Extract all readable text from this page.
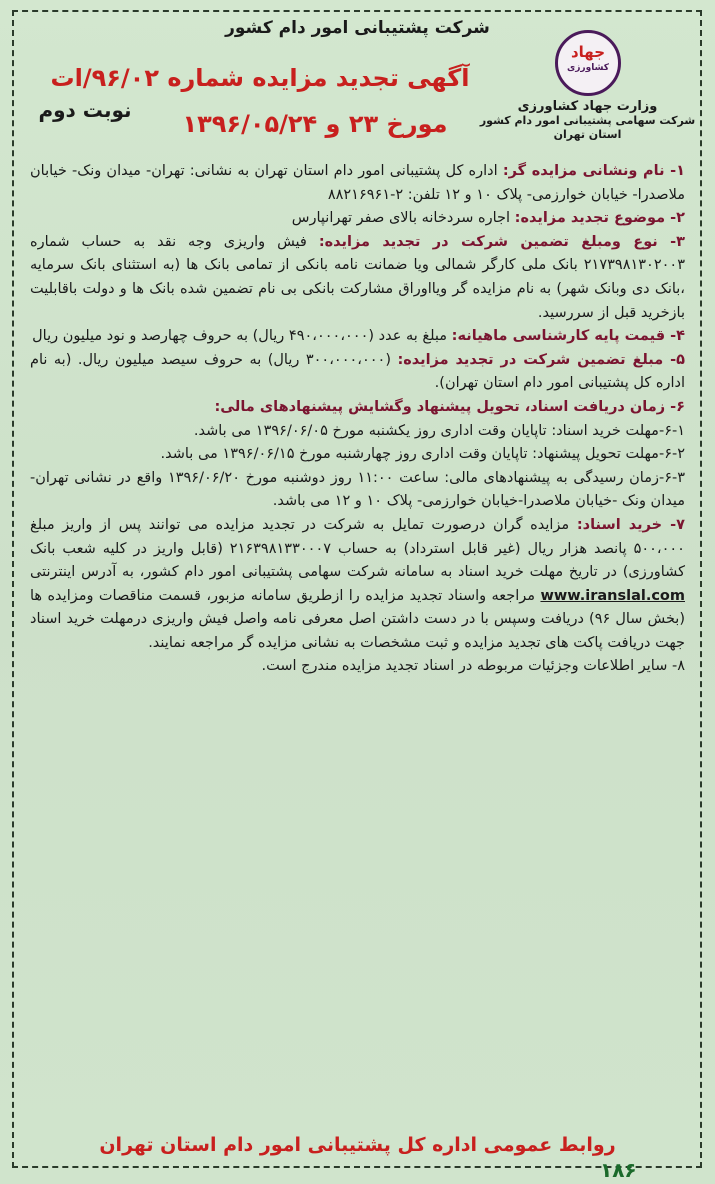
شرکت پشتیبانی امور دام کشور
جهاد
کشاورزی
وزارت جهاد کشاورزی
شرکت سهامی پشتیبانی امور دام کشور
استان تهران
آگهی تجدید مزایده شماره ۹۶/۰۲/ات
مورخ ۲۳ و ۱۳۹۶/۰۵/۲۴
نوبت دوم

۱- نام ونشانی مزایده گر: اداره کل پشتیبانی امور دام استان تهران به نشانی: تهران- میدان ونک- خیابان ملاصدرا- خیابان خوارزمی- پلاک ۱۰ و ۱۲ تلفن: ۲-۸۸۲۱۶۹۶۱

۲- موضوع تجدید مزایده: اجاره سردخانه بالای صفر تهرانپارس

۳- نوع ومبلغ تضمین شرکت در تجدید مزایده: فیش واریزی وجه نقد به حساب شماره ۲۱۷۳۹۸۱۳۰۲۰۰۳ بانک ملی کارگر شمالی ویا ضمانت نامه بانکی از تمامی بانک ها (به استثنای بانک سرمایه ،بانک دی وبانک شهر) به نام مزایده گر ویااوراق مشارکت بانکی بی نام تضمین شده بانک ها و دولت باقابلیت بازخرید قبل از سررسید.

۴- قیمت پایه کارشناسی ماهیانه: مبلغ به عدد (۴۹۰،۰۰۰،۰۰۰ ریال) به حروف چهارصد و نود میلیون ریال

۵- مبلغ تضمین شرکت در تجدید مزایده: (۳۰۰،۰۰۰،۰۰۰ ریال) به حروف سیصد میلیون ریال. (به نام اداره کل پشتیبانی امور دام استان تهران).

۶- زمان دریافت اسناد، تحویل پیشنهاد وگشایش پیشنهادهای مالی:

۶-۱-مهلت خرید اسناد: تاپایان وقت اداری روز یکشنبه مورخ ۱۳۹۶/۰۶/۰۵ می باشد.

۶-۲-مهلت تحویل پیشنهاد: تاپایان وقت اداری روز چهارشنبه مورخ ۱۳۹۶/۰۶/۱۵ می باشد.

۶-۳-زمان رسیدگی به پیشنهادهای مالی: ساعت ۱۱:۰۰ روز دوشنبه مورخ ۱۳۹۶/۰۶/۲۰ واقع در نشانی تهران- میدان ونک -خیابان ملاصدرا-خیابان خوارزمی- پلاک ۱۰ و ۱۲ می باشد.

۷- خرید اسناد: مزایده گران درصورت تمایل به شرکت در تجدید مزایده می توانند پس از واریز مبلغ ۵۰۰،۰۰۰ پانصد هزار ریال (غیر قابل استرداد) به حساب ۲۱۶۳۹۸۱۳۳۰۰۰۷ (قابل واریز در کلیه شعب بانک کشاورزی) در تاریخ مهلت خرید اسناد به سامانه شرکت سهامی پشتیبانی امور دام کشور، به آدرس اینترنتی www.iranslal.com مراجعه واسناد تجدید مزایده را ازطریق سامانه مزبور، قسمت مناقصات ومزایده ها (بخش سال ۹۶) دریافت وسپس با در دست داشتن اصل معرفی نامه واصل فیش واریزی درمهلت خرید اسناد جهت دریافت پاکت های تجدید مزایده و ثبت مشخصات به نشانی مزایده گر مراجعه نمایند.

۸- سایر اطلاعات وجزئیات مربوطه در اسناد تجدید مزایده مندرج است.

روابط عمومی اداره کل پشتیبانی امور دام استان تهران
۱۸۶
